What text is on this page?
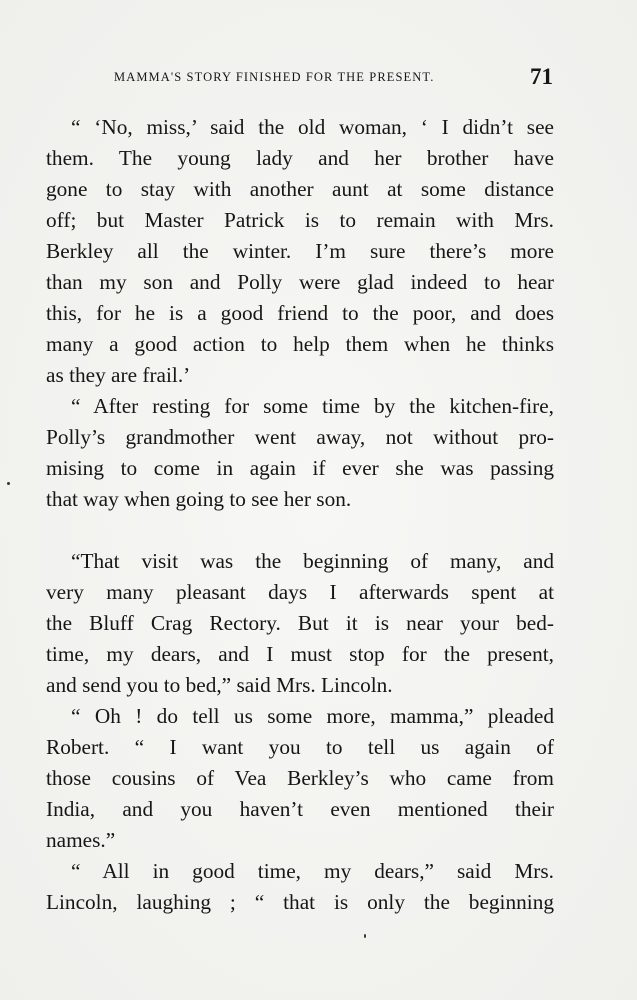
MAMMA'S STORY FINISHED FOR THE PRESENT.	71
“ ‘No, miss,’ said the old woman, ‘ I didn’t see
them. The young lady and her brother have
gone to stay with another aunt at some distance
off; but Master Patrick is to remain with Mrs.
Berkley all the winter. I’m sure there’s more
than my son and Polly were glad indeed to hear
this, for he is a good friend to the poor, and does
many a good action to help them when he thinks
as they are frail.’
“ After resting for some time by the kitchen-fire,
Polly’s grandmother went away, not without pro-
mising to come in again if ever she was passing
that way when going to see her son.
“That visit was the beginning of many, and
very many pleasant days I afterwards spent at
the Bluff Crag Rectory. But it is near your bed-
time, my dears, and I must stop for the present,
and send you to bed,” said Mrs. Lincoln.
“ Oh ! do tell us some more, mamma,” pleaded
Robert. “ I want you to tell us again of
those cousins of Vea Berkley’s who came from
India, and you haven’t even mentioned their
names.”
“ All in good time, my dears,” said Mrs.
Lincoln, laughing ; “ that is only the beginning
